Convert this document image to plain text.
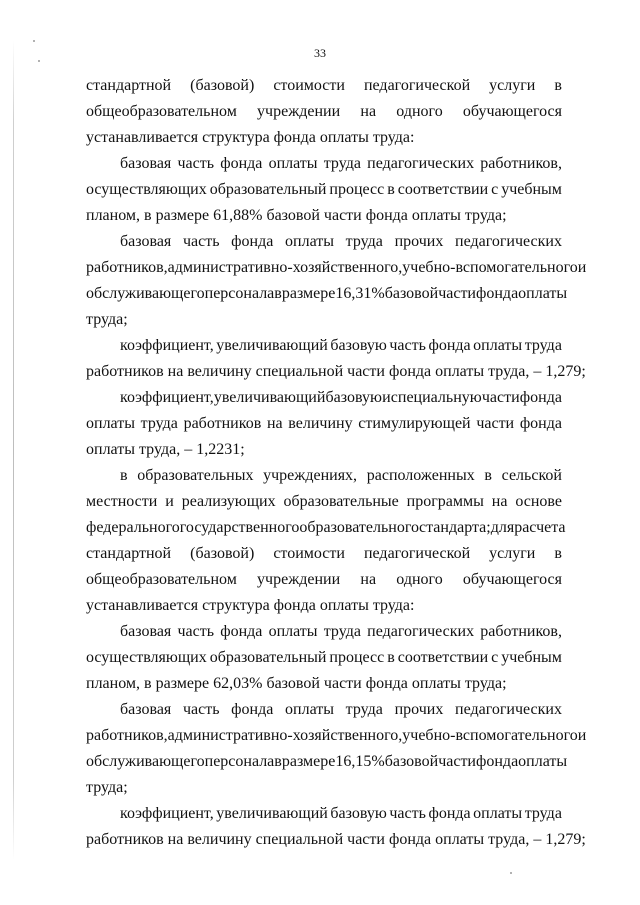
33
стандартной (базовой) стоимости педагогической услуги в
общеобразовательном учреждении на одного обучающегося
устанавливается структура фонда оплаты труда:
базовая часть фонда оплаты труда педагогических работников,
осуществляющих образовательный процесс в соответствии с учебным
планом, в размере 61,88% базовой части фонда оплаты труда;
базовая часть фонда оплаты труда прочих педагогических
работников, административно-хозяйственного, учебно-вспомогательного и
обслуживающего персонала в размере 16,31% базовой части фонда оплаты
труда;
коэффициент, увеличивающий базовую часть фонда оплаты труда
работников на величину специальной части фонда оплаты труда, – 1,279;
коэффициент, увеличивающий базовую и специальную части фонда
оплаты труда работников на величину стимулирующей части фонда
оплаты труда, – 1,2231;
в образовательных учреждениях, расположенных в сельской
местности и реализующих образовательные программы на основе
федерального государственного образовательного стандарта; для расчета
стандартной (базовой) стоимости педагогической услуги в
общеобразовательном учреждении на одного обучающегося
устанавливается структура фонда оплаты труда:
базовая часть фонда оплаты труда педагогических работников,
осуществляющих образовательный процесс в соответствии с учебным
планом, в размере 62,03% базовой части фонда оплаты труда;
базовая часть фонда оплаты труда прочих педагогических
работников, административно-хозяйственного, учебно-вспомогательного и
обслуживающего персонала в размере 16,15% базовой части фонда оплаты
труда;
коэффициент, увеличивающий базовую часть фонда оплаты труда
работников на величину специальной части фонда оплаты труда, – 1,279;
